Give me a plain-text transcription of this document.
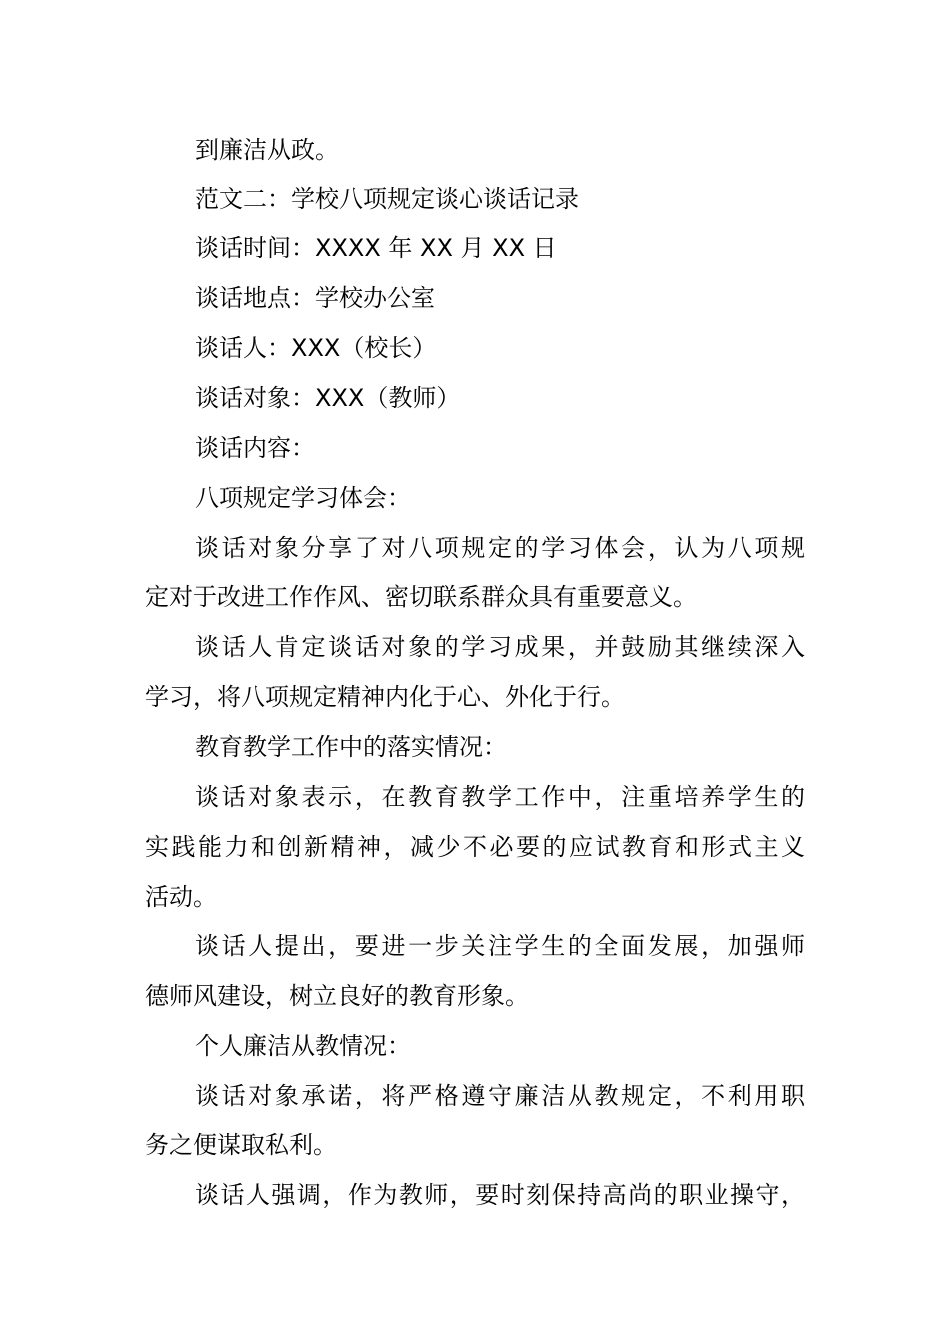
到廉洁从政。
范文二：学校八项规定谈心谈话记录
谈话时间：XXXX 年 XX 月 XX 日
谈话地点：学校办公室
谈话人：XXX（校长）
谈话对象：XXX（教师）
谈话内容：
八项规定学习体会：
谈话对象分享了对八项规定的学习体会，认为八项规
定对于改进工作作风、密切联系群众具有重要意义。
谈话人肯定谈话对象的学习成果，并鼓励其继续深入
学习，将八项规定精神内化于心、外化于行。
教育教学工作中的落实情况：
谈话对象表示，在教育教学工作中，注重培养学生的
实践能力和创新精神，减少不必要的应试教育和形式主义
活动。
谈话人提出，要进一步关注学生的全面发展，加强师
德师风建设，树立良好的教育形象。
个人廉洁从教情况：
谈话对象承诺，将严格遵守廉洁从教规定，不利用职
务之便谋取私利。
谈话人强调，作为教师，要时刻保持高尚的职业操守，
